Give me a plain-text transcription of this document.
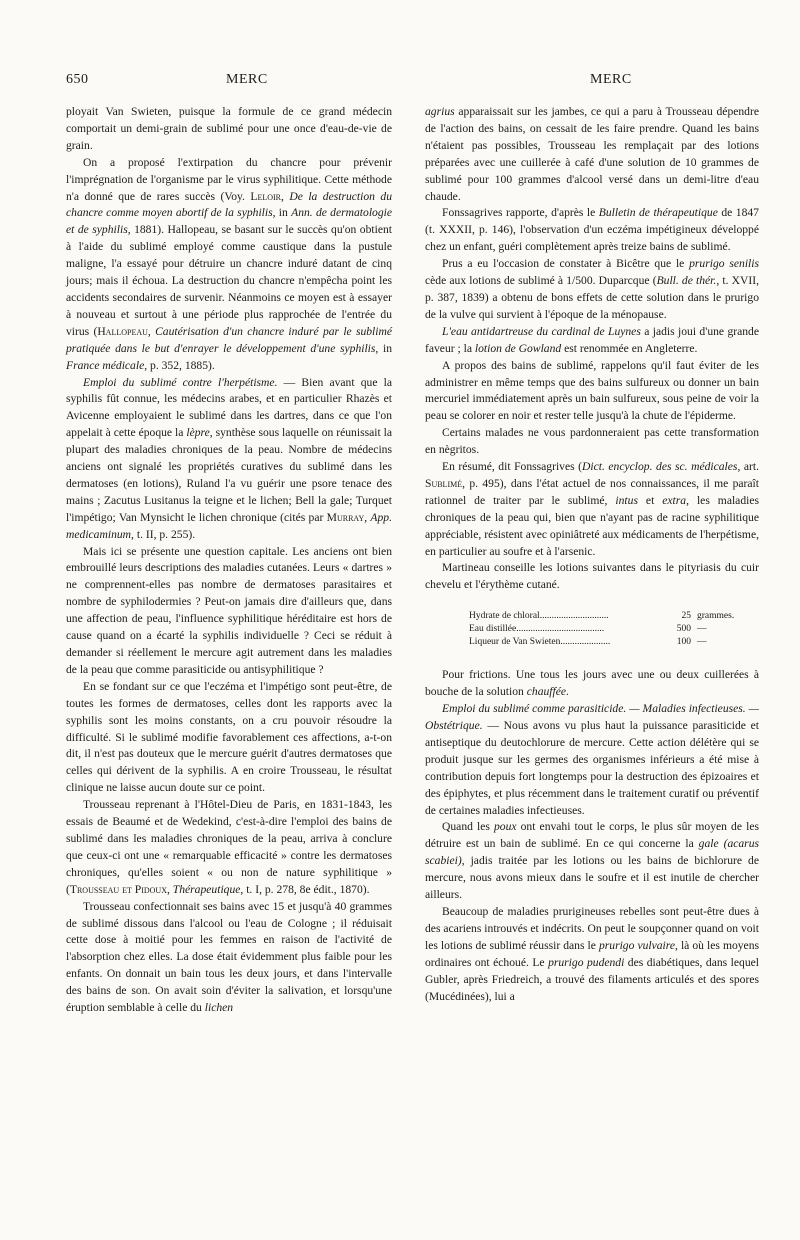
650	MERC	MERC

ployait Van Swieten, puisque la formule de ce grand médecin comportait un demi-grain de sublimé pour une once d'eau-de-vie de grain.

On a proposé l'extirpation du chancre pour prévenir l'imprégnation de l'organisme par le virus syphilitique. Cette méthode n'a donné que de rares succès (Voy. Leloir, De la destruction du chancre comme moyen abortif de la syphilis, in Ann. de dermatologie et de syphilis, 1881). Hallopeau, se basant sur le succès qu'on obtient à l'aide du sublimé employé comme caustique dans la pustule maligne, l'a essayé pour détruire un chancre induré datant de cinq jours; mais il échoua. La destruction du chancre n'empêcha point les accidents secondaires de survenir. Néanmoins ce moyen est à essayer à nouveau et surtout à une période plus rapprochée de l'entrée du virus (Hallopeau, Cautérisation d'un chancre induré par le sublimé pratiquée dans le but d'enrayer le développement d'une syphilis, in France médicale, p. 352, 1885).

Emploi du sublimé contre l'herpétisme. — Bien avant que la syphilis fût connue, les médecins arabes, et en particulier Rhazès et Avicenne employaient le sublimé dans les dartres, dans ce que l'on appelait à cette époque la lèpre, synthèse sous laquelle on réunissait la plupart des maladies chroniques de la peau. Nombre de médecins anciens ont signalé les propriétés curatives du sublimé dans les dermatoses (en lotions), Ruland l'a vu guérir une psore tenace des mains ; Zacutus Lusitanus la teigne et le lichen; Bell la gale; Turquet l'impétigo; Van Mynsicht le lichen chronique (cités par Murray, App. medicaminum, t. II, p. 255).

Mais ici se présente une question capitale. Les anciens ont bien embrouillé leurs descriptions des maladies cutanées. Leurs « dartres » ne comprennent-elles pas nombre de dermatoses parasitaires et nombre de syphilodermies ? Peut-on jamais dire d'ailleurs que, dans une affection de peau, l'influence syphilitique héréditaire est hors de cause quand on a écarté la syphilis individuelle ? Ceci se réduit à demander si réellement le mercure agit autrement dans les maladies de la peau que comme parasiticide ou antisyphilitique ?

En se fondant sur ce que l'eczéma et l'impétigo sont peut-être, de toutes les formes de dermatoses, celles dont les rapports avec la syphilis sont les moins constants, on a cru pouvoir résoudre la difficulté. Si le sublimé modifie favorablement ces affections, a-t-on dit, il n'est pas douteux que le mercure guérit d'autres dermatoses que celles qui dérivent de la syphilis. A en croire Trousseau, le résultat clinique ne laisse aucun doute sur ce point.

Trousseau reprenant à l'Hôtel-Dieu de Paris, en 1831-1843, les essais de Beaumé et de Wedekind, c'est-à-dire l'emploi des bains de sublimé dans les maladies chroniques de la peau, arriva à conclure que ceux-ci ont une « remarquable efficacité » contre les dermatoses chroniques, qu'elles soient « ou non de nature syphilitique » (Trousseau et Pidoux, Thérapeutique, t. I, p. 278, 8e édit., 1870).

Trousseau confectionnait ses bains avec 15 et jusqu'à 40 grammes de sublimé dissous dans l'alcool ou l'eau de Cologne ; il réduisait cette dose à moitié pour les femmes en raison de l'activité de l'absorption chez elles. La dose était évidemment plus faible pour les enfants. On donnait un bain tous les deux jours, et dans l'intervalle des bains de son. On avait soin d'éviter la salivation, et lorsqu'une éruption semblable à celle du lichen

agrius apparaissait sur les jambes, ce qui a paru à Trousseau dépendre de l'action des bains, on cessait de les faire prendre. Quand les bains n'étaient pas possibles, Trousseau les remplaçait par des lotions préparées avec une cuillerée à café d'une solution de 10 grammes de sublimé pour 100 grammes d'alcool versé dans un demi-litre d'eau chaude.

Fonssagrives rapporte, d'après le Bulletin de thérapeutique de 1847 (t. XXXII, p. 146), l'observation d'un eczéma impétigineux développé chez un enfant, guéri complètement après treize bains de sublimé.

Prus a eu l'occasion de constater à Bicêtre que le prurigo senilis cède aux lotions de sublimé à 1/500. Duparcque (Bull. de thér., t. XVII, p. 387, 1839) a obtenu de bons effets de cette solution dans le prurigo de la vulve qui survient à l'époque de la ménopause.

L'eau antidartreuse du cardinal de Luynes a jadis joui d'une grande faveur ; la lotion de Gowland est renommée en Angleterre.

A propos des bains de sublimé, rappelons qu'il faut éviter de les administrer en même temps que des bains sulfureux ou donner un bain mercuriel immédiatement après un bain sulfureux, sous peine de voir la peau se colorer en noir et rester telle jusqu'à la chute de l'épiderme.

Certains malades ne vous pardonneraient pas cette transformation en nègritos.

En résumé, dit Fonssagrives (Dict. encyclop. des sc. médicales, art. Sublimé, p. 495), dans l'état actuel de nos connaissances, il me paraît rationnel de traiter par le sublimé, intus et extra, les maladies chroniques de la peau qui, bien que n'ayant pas de racine syphilitique appréciable, résistent avec opiniâtreté aux médicaments de l'herpétisme, en particulier au soufre et à l'arsenic.

Martineau conseille les lotions suivantes dans le pityriasis du cuir chevelu et l'érythème cutané.

Hydrate de chloral.............................	25	grammes.
Eau distillée.....................................	500	—
Liqueur de Van Swieten.....................	100	—

Pour frictions. Une tous les jours avec une ou deux cuillerées à bouche de la solution chauffée.

Emploi du sublimé comme parasiticide. — Maladies infectieuses. — Obstétrique. — Nous avons vu plus haut la puissance parasiticide et antiseptique du deutochlorure de mercure. Cette action délétère qui se produit jusque sur les germes des organismes inférieurs a été mise à contribution depuis fort longtemps pour la destruction des épizoaires et des épiphytes, et plus récemment dans le traitement curatif ou préventif de certaines maladies infectieuses.

Quand les poux ont envahi tout le corps, le plus sûr moyen de les détruire est un bain de sublimé. En ce qui concerne la gale (acarus scabiei), jadis traitée par les lotions ou les bains de bichlorure de mercure, nous avons mieux dans le soufre et il est inutile de chercher ailleurs.

Beaucoup de maladies prurigineuses rebelles sont peut-être dues à des acariens introuvés et indécrits. On peut le soupçonner quand on voit les lotions de sublimé réussir dans le prurigo vulvaire, là où les moyens ordinaires ont échoué. Le prurigo pudendi des diabétiques, dans lequel Gubler, après Friedreich, a trouvé des filaments articulés et des spores (Mucédinées), lui a
